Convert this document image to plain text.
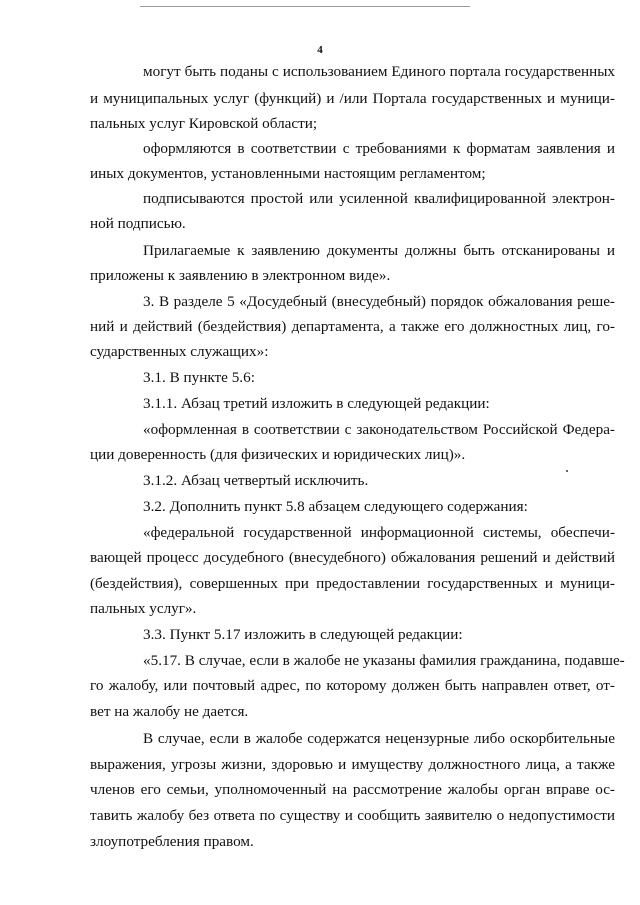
4
могут быть поданы с использованием Единого портала государственных
и муниципальных услуг (функций) и /или Портала государственных и муници-
пальных услуг Кировской области;
оформляются в соответствии с требованиями к форматам заявления и
иных документов, установленными настоящим регламентом;
подписываются простой или усиленной квалифицированной электрон-
ной подписью.
Прилагаемые к заявлению документы должны быть отсканированы и
приложены к заявлению в электронном виде».
3. В разделе 5 «Досудебный (внесудебный) порядок обжалования реше-
ний и действий (бездействия) департамента, а также его должностных лиц, го-
сударственных служащих»:
3.1. В пункте 5.6:
3.1.1. Абзац третий изложить в следующей редакции:
«оформленная в соответствии с законодательством Российской Федера-
ции доверенность (для физических и юридических лиц)».
3.1.2. Абзац четвертый исключить.
3.2. Дополнить пункт 5.8 абзацем следующего содержания:
«федеральной государственной информационной системы, обеспечи-
вающей процесс досудебного (внесудебного) обжалования решений и действий
(бездействия), совершенных при предоставлении государственных и муници-
пальных услуг».
3.3. Пункт 5.17 изложить в следующей редакции:
«5.17. В случае, если в жалобе не указаны фамилия гражданина, подавше-
го жалобу, или почтовый адрес, по которому должен быть направлен ответ, от-
вет на жалобу не дается.
В случае, если в жалобе содержатся нецензурные либо оскорбительные
выражения, угрозы жизни, здоровью и имуществу должностного лица, а также
членов его семьи, уполномоченный на рассмотрение жалобы орган вправе ос-
тавить жалобу без ответа по существу и сообщить заявителю о недопустимости
злоупотребления правом.
